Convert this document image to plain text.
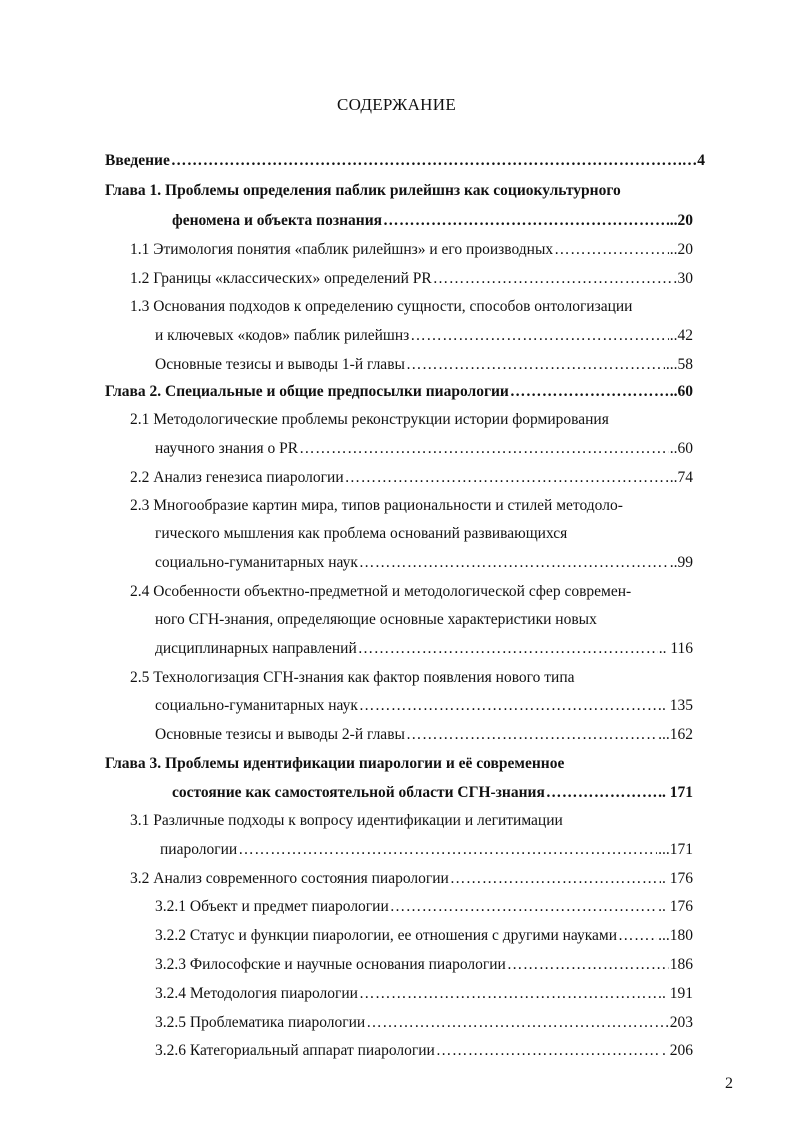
СОДЕРЖАНИЕ
Введение …………………………………………………………………………………………………………………………………………………………………	…4
Глава 1. Проблемы определения паблик рилейшнз как социокультурного
феномена и объекта познания …………………………………………………………………………………………………………………………………………………………………	..20
1.1 Этимология понятия «паблик рилейшнз» и его производных …………………………………………………………………………………………………………………………………………………………………	..20
1.2 Границы «классических» определений PR …………………………………………………………………………………………………………………………………………………………………	30
1.3 Основания подходов к определению сущности, способов онтологизации
и ключевых «кодов» паблик рилейшнз …………………………………………………………………………………………………………………………………………………………………	..42
Основные тезисы и выводы 1-й главы …………………………………………………………………………………………………………………………………………………………………	...58
Глава 2. Специальные и общие предпосылки пиарологии …………………………………………………………………………………………………………………………………………………………………	..60
2.1 Методологические проблемы реконструкции истории формирования
научного знания о PR …………………………………………………………………………………………………………………………………………………………………	..60
2.2 Анализ генезиса пиарологии …………………………………………………………………………………………………………………………………………………………………	..74
2.3 Многообразие картин мира, типов рациональности и стилей методоло-
гического мышления как проблема оснований развивающихся
социально-гуманитарных наук …………………………………………………………………………………………………………………………………………………………………	..99
2.4 Особенности объектно-предметной и методологической сфер современ-
ного СГН-знания, определяющие основные характеристики новых
дисциплинарных направлений …………………………………………………………………………………………………………………………………………………………………	.. 116
2.5 Технологизация СГН-знания как фактор появления нового типа
социально-гуманитарных наук …………………………………………………………………………………………………………………………………………………………………	. 135
Основные тезисы и выводы 2-й главы …………………………………………………………………………………………………………………………………………………………………	...162
Глава 3. Проблемы идентификации пиарологии и её современное
состояние как самостоятельной области СГН-знания …………………………………………………………………………………………………………………………………………………………………	.. 171
3.1 Различные подходы к вопросу идентификации и легитимации
пиарологии …………………………………………………………………………………………………………………………………………………………………	...171
3.2 Анализ современного состояния пиарологии …………………………………………………………………………………………………………………………………………………………………	. 176
3.2.1 Объект и предмет пиарологии …………………………………………………………………………………………………………………………………………………………………	.. 176
3.2.2 Статус и функции пиарологии, ее отношения с другими науками …………………………………………………………………………………………………………………………………………………………………	...180
3.2.3 Философские и научные основания пиарологии …………………………………………………………………………………………………………………………………………………………………	186
3.2.4 Методология пиарологии …………………………………………………………………………………………………………………………………………………………………	. 191
3.2.5 Проблематика пиарологии …………………………………………………………………………………………………………………………………………………………………	203
3.2.6 Категориальный аппарат пиарологии …………………………………………………………………………………………………………………………………………………………………	. 206
2
